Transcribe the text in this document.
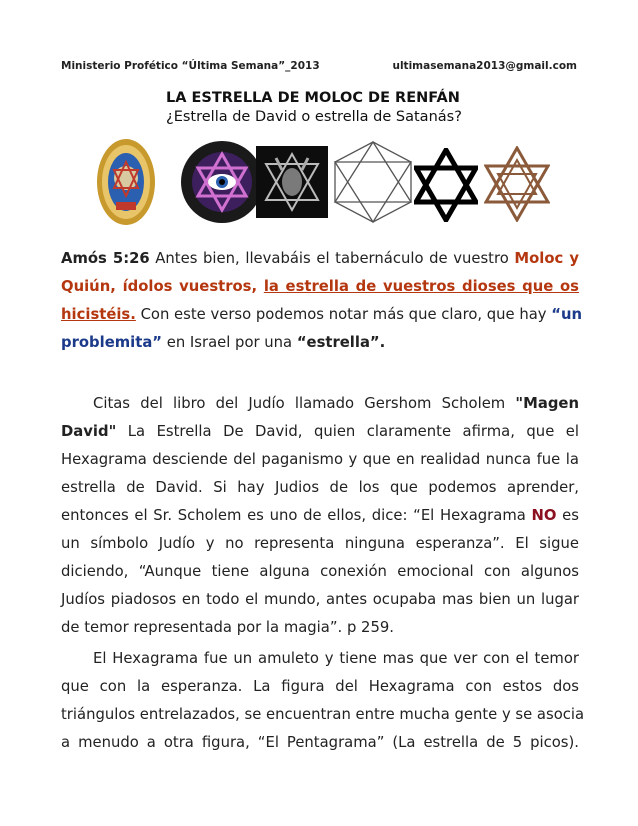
Ministerio Profético “Última Semana”_2013	ultimasemana2013@gmail.com
LA ESTRELLA DE MOLOC DE RENFÁN
¿Estrella de David o estrella de Satanás?
Amós 5:26 Antes bien, llevabáis el tabernáculo de vuestro Moloc y
Quiún, ídolos vuestros, la estrella de vuestros dioses que os
hicistéis. Con este verso podemos notar más que claro, que hay “un
problemita” en Israel por una “estrella”.
Citas del libro del Judío llamado Gershom Scholem "Magen
David" La Estrella De David, quien claramente afirma, que el
Hexagrama desciende del paganismo y que en realidad nunca fue la
estrella de David. Si hay Judios de los que podemos aprender,
entonces el Sr. Scholem es uno de ellos, dice: “El Hexagrama NO es
un símbolo Judío y no representa ninguna esperanza”. El sigue
diciendo, “Aunque tiene alguna conexión emocional con algunos
Judíos piadosos en todo el mundo, antes ocupaba mas bien un lugar
de temor representada por la magia”. p 259.
El Hexagrama fue un amuleto y tiene mas que ver con el temor
que con la esperanza. La figura del Hexagrama con estos dos
triángulos entrelazados, se encuentran entre mucha gente y se asocia
a menudo a otra figura, “El Pentagrama” (La estrella de 5 picos).
